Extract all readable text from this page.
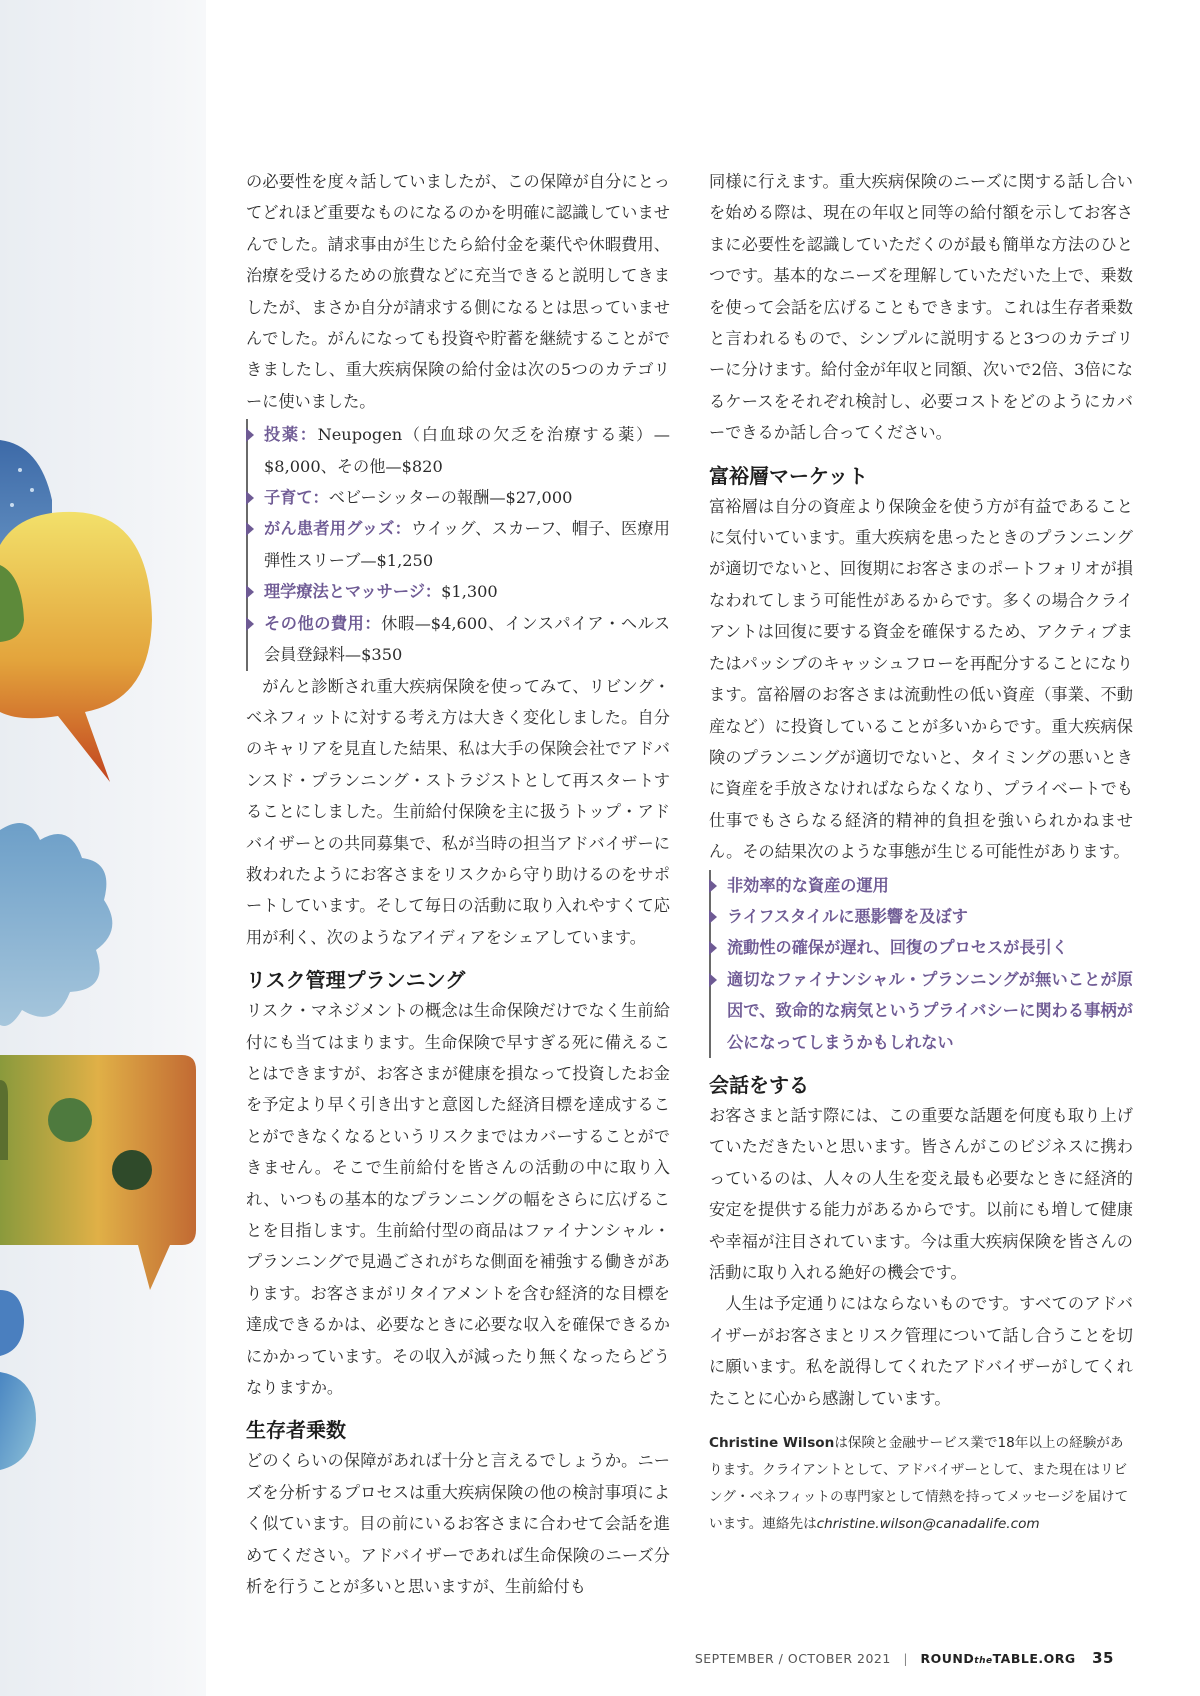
の必要性を度々話していましたが、この保障が自分にとってどれほど重要なものになるのかを明確に認識していませんでした。請求事由が生じたら給付金を薬代や休暇費用、治療を受けるための旅費などに充当できると説明してきましたが、まさか自分が請求する側になるとは思っていませんでした。がんになっても投資や貯蓄を継続することができましたし、重大疾病保険の給付金は次の5つのカテゴリーに使いました。

投薬：Neupogen（白血球の欠乏を治療する薬）—$8,000、その他—$820
子育て：ベビーシッターの報酬—$27,000
がん患者用グッズ：ウイッグ、スカーフ、帽子、医療用弾性スリーブ—$1,250
理学療法とマッサージ：$1,300
その他の費用：休暇—$4,600、インスパイア・ヘルス会員登録料—$350

がんと診断され重大疾病保険を使ってみて、リビング・ベネフィットに対する考え方は大きく変化しました。自分のキャリアを見直した結果、私は大手の保険会社でアドバンスド・プランニング・ストラジストとして再スタートすることにしました。生前給付保険を主に扱うトップ・アドバイザーとの共同募集で、私が当時の担当アドバイザーに救われたようにお客さまをリスクから守り助けるのをサポートしています。そして毎日の活動に取り入れやすくて応用が利く、次のようなアイディアをシェアしています。

リスク管理プランニング

リスク・マネジメントの概念は生命保険だけでなく生前給付にも当てはまります。生命保険で早すぎる死に備えることはできますが、お客さまが健康を損なって投資したお金を予定より早く引き出すと意図した経済目標を達成することができなくなるというリスクまではカバーすることができません。そこで生前給付を皆さんの活動の中に取り入れ、いつもの基本的なプランニングの幅をさらに広げることを目指します。生前給付型の商品はファイナンシャル・プランニングで見過ごされがちな側面を補強する働きがあります。お客さまがリタイアメントを含む経済的な目標を達成できるかは、必要なときに必要な収入を確保できるかにかかっています。その収入が減ったり無くなったらどうなりますか。

生存者乗数

どのくらいの保障があれば十分と言えるでしょうか。ニーズを分析するプロセスは重大疾病保険の他の検討事項によく似ています。目の前にいるお客さまに合わせて会話を進めてください。アドバイザーであれば生命保険のニーズ分析を行うことが多いと思いますが、生前給付も

同様に行えます。重大疾病保険のニーズに関する話し合いを始める際は、現在の年収と同等の給付額を示してお客さまに必要性を認識していただくのが最も簡単な方法のひとつです。基本的なニーズを理解していただいた上で、乗数を使って会話を広げることもできます。これは生存者乗数と言われるもので、シンプルに説明すると3つのカテゴリーに分けます。給付金が年収と同額、次いで2倍、3倍になるケースをそれぞれ検討し、必要コストをどのようにカバーできるか話し合ってください。

富裕層マーケット

富裕層は自分の資産より保険金を使う方が有益であることに気付いています。重大疾病を患ったときのプランニングが適切でないと、回復期にお客さまのポートフォリオが損なわれてしまう可能性があるからです。多くの場合クライアントは回復に要する資金を確保するため、アクティブまたはパッシブのキャッシュフローを再配分することになります。富裕層のお客さまは流動性の低い資産（事業、不動産など）に投資していることが多いからです。重大疾病保険のプランニングが適切でないと、タイミングの悪いときに資産を手放さなければならなくなり、プライベートでも仕事でもさらなる経済的精神的負担を強いられかねません。その結果次のような事態が生じる可能性があります。

非効率的な資産の運用
ライフスタイルに悪影響を及ぼす
流動性の確保が遅れ、回復のプロセスが長引く
適切なファイナンシャル・プランニングが無いことが原因で、致命的な病気というプライバシーに関わる事柄が公になってしまうかもしれない
会話をする

お客さまと話す際には、この重要な話題を何度も取り上げていただきたいと思います。皆さんがこのビジネスに携わっているのは、人々の人生を変え最も必要なときに経済的安定を提供する能力があるからです。以前にも増して健康や幸福が注目されています。今は重大疾病保険を皆さんの活動に取り入れる絶好の機会です。

人生は予定通りにはならないものです。すべてのアドバイザーがお客さまとリスク管理について話し合うことを切に願います。私を説得してくれたアドバイザーがしてくれたことに心から感謝しています。

Christine Wilsonは保険と金融サービス業で18年以上の経験があります。クライアントとして、アドバイザーとして、また現在はリビング・ベネフィットの専門家として情熱を持ってメッセージを届けています。連絡先はchristine.wilson@canadalife.com

SEPTEMBER / OCTOBER 2021 | ROUNDtheTABLE.ORG 35
